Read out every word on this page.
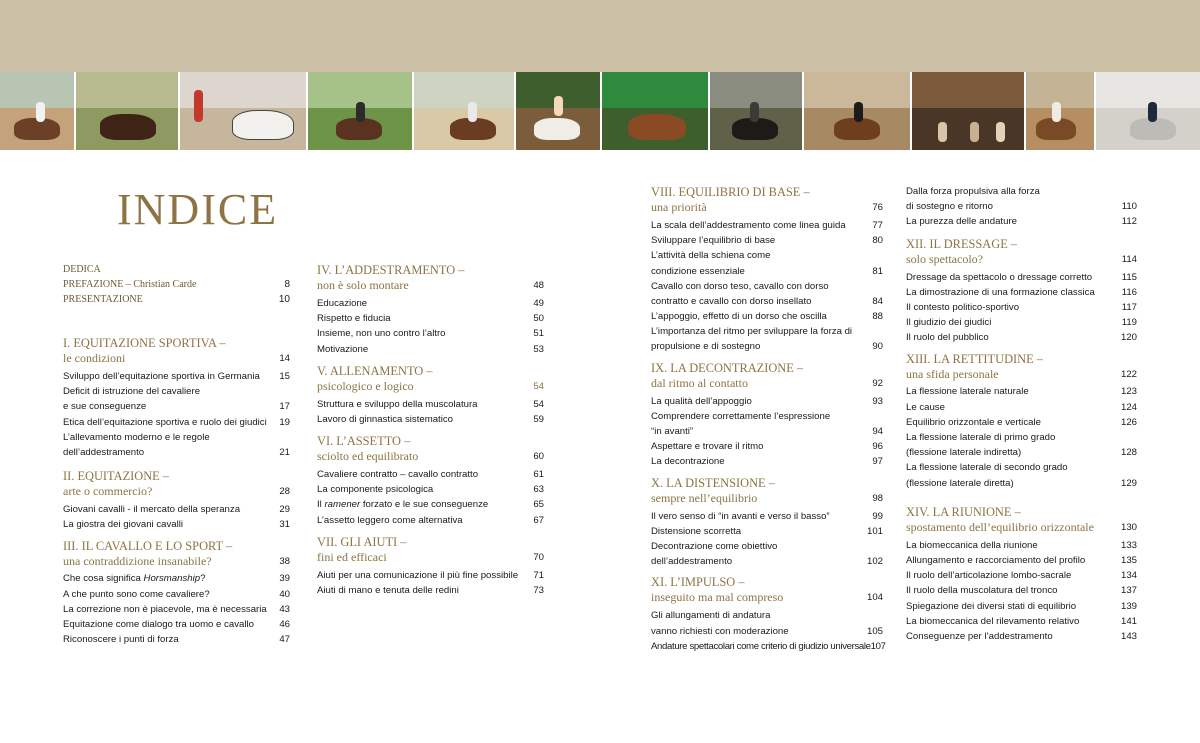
INDICE
DEDICA
PREFAZIONE – Christian Carde	8
PRESENTAZIONE	10
I. EQUITAZIONE SPORTIVA –
le condizioni	14
Sviluppo dell’equitazione sportiva in Germania 15
Deficit di istruzione del cavaliere
e sue conseguenze	17
Etica dell’equitazione sportiva e ruolo dei giudici 19
L’allevamento moderno e le regole
dell’addestramento	21
II. EQUITAZIONE –
arte o commercio?	28
Giovani cavalli - il mercato della speranza	29
La giostra dei giovani cavalli	31
III. IL CAVALLO E LO SPORT –
una contraddizione insanabile?	38
Che cosa significa Horsmanship?	39
A che punto sono come cavaliere?	40
La correzione non è piacevole, ma è necessaria 43
Equitazione come dialogo tra uomo e cavallo	46
Riconoscere i punti di forza	47
IV. L’ADDESTRAMENTO –
non è solo montare	48
Educazione	49
Rispetto e fiducia	50
Insieme, non uno contro l’altro	51
Motivazione	53
V. ALLENAMENTO –
psicologico e logico	54
Struttura e sviluppo della muscolatura	54
Lavoro di ginnastica sistematico	59
VI. L’ASSETTO –
sciolto ed equilibrato	60
Cavaliere contratto – cavallo contratto	61
La componente psicologica	63
Il ramener forzato e le sue conseguenze	65
L’assetto leggero come alternativa	67
VII. GLI AIUTI –
fini ed efficaci	70
Aiuti per una comunicazione il più fine possibile 71
Aiuti di mano e tenuta delle redini	73
VIII. EQUILIBRIO DI BASE –
una priorità	76
La scala dell’addestramento come linea guida	77
Sviluppare l’equilibrio di base	80
L’attività della schiena come
condizione essenziale	81
Cavallo con dorso teso, cavallo con dorso
contratto e cavallo con dorso insellato	84
L’appoggio, effetto di un dorso che oscilla	88
L’importanza del ritmo per sviluppare la forza di
propulsione e di sostegno	90
IX. LA DECONTRAZIONE –
dal ritmo al contatto	92
La qualità dell’appoggio	93
Comprendere correttamente l’espressione
“in avanti”	94
Aspettare e trovare il ritmo	96
La decontrazione	97
X. LA DISTENSIONE –
sempre nell’equilibrio	98
Il vero senso di “in avanti e verso il basso”	99
Distensione scorretta	101
Decontrazione come obiettivo
dell’addestramento	102
XI. L’IMPULSO –
inseguito ma mal compreso	104
Gli allungamenti di andatura
vanno richiesti con moderazione	105
Andature spettacolari come criterio di giudizio universale 107
Dalla forza propulsiva alla forza
di sostegno e ritorno	110
La purezza delle andature	112
XII. IL DRESSAGE –
solo spettacolo?	114
Dressage da spettacolo o dressage corretto	115
La dimostrazione di una formazione classica	116
Il contesto politico-sportivo	117
Il giudizio dei giudici	119
Il ruolo del pubblico	120
XIII. LA RETTITUDINE –
una sfida personale	122
La flessione laterale naturale	123
Le cause	124
Equilibrio orizzontale e verticale	126
La flessione laterale di primo grado
(flessione laterale indiretta)	128
La flessione laterale di secondo grado
(flessione laterale diretta)	129
XIV. LA RIUNIONE –
spostamento dell’equilibrio orizzontale	130
La biomeccanica della riunione	133
Allungamento e raccorciamento del profilo	135
Il ruolo dell’articolazione lombo-sacrale	134
Il ruolo della muscolatura del tronco	137
Spiegazione dei diversi stati di equilibrio	139
La biomeccanica del rilevamento relativo	141
Conseguenze per l’addestramento	143
